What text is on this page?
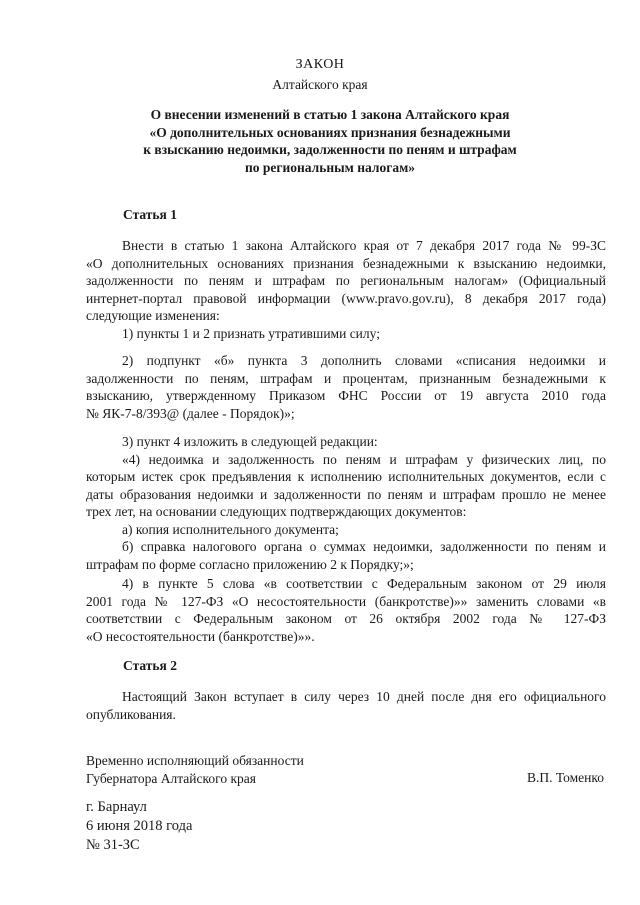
ЗАКОН
Алтайского края
О внесении изменений в статью 1 закона Алтайского края
«О дополнительных основаниях признания безнадежными
к взысканию недоимки, задолженности по пеням и штрафам
по региональным налогам»
Статья 1
Внести в статью 1 закона Алтайского края от 7 декабря 2017 года № 99-ЗС
«О дополнительных основаниях признания безнадежными к взысканию недоимки,
задолженности по пеням и штрафам по региональным налогам» (Официальный
интернет-портал правовой информации (www.pravo.gov.ru), 8 декабря 2017 года)
следующие изменения:
1) пункты 1 и 2 признать утратившими силу;
2) подпункт «б» пункта 3 дополнить словами «списания недоимки и
задолженности по пеням, штрафам и процентам, признанным безнадежными к
взысканию, утвержденному Приказом ФНС России от 19 августа 2010 года
№ ЯК-7-8/393@ (далее - Порядок)»;
3) пункт 4 изложить в следующей редакции:
«4) недоимка и задолженность по пеням и штрафам у физических лиц, по
которым истек срок предъявления к исполнению исполнительных документов, если с
даты образования недоимки и задолженности по пеням и штрафам прошло не менее
трех лет, на основании следующих подтверждающих документов:
а) копия исполнительного документа;
б) справка налогового органа о суммах недоимки, задолженности по пеням и
штрафам по форме согласно приложению 2 к Порядку;»;
4) в пункте 5 слова «в соответствии с Федеральным законом от 29 июля
2001 года № 127-ФЗ «О несостоятельности (банкротстве)»» заменить словами «в
соответствии с Федеральным законом от 26 октября 2002 года № 127-ФЗ
«О несостоятельности (банкротстве)»».
Статья 2
Настоящий Закон вступает в силу через 10 дней после дня его официального
опубликования.
Временно исполняющий обязанности
Губернатора Алтайского края	В.П. Томенко
г. Барнаул
6 июня 2018 года
№ 31-ЗС
